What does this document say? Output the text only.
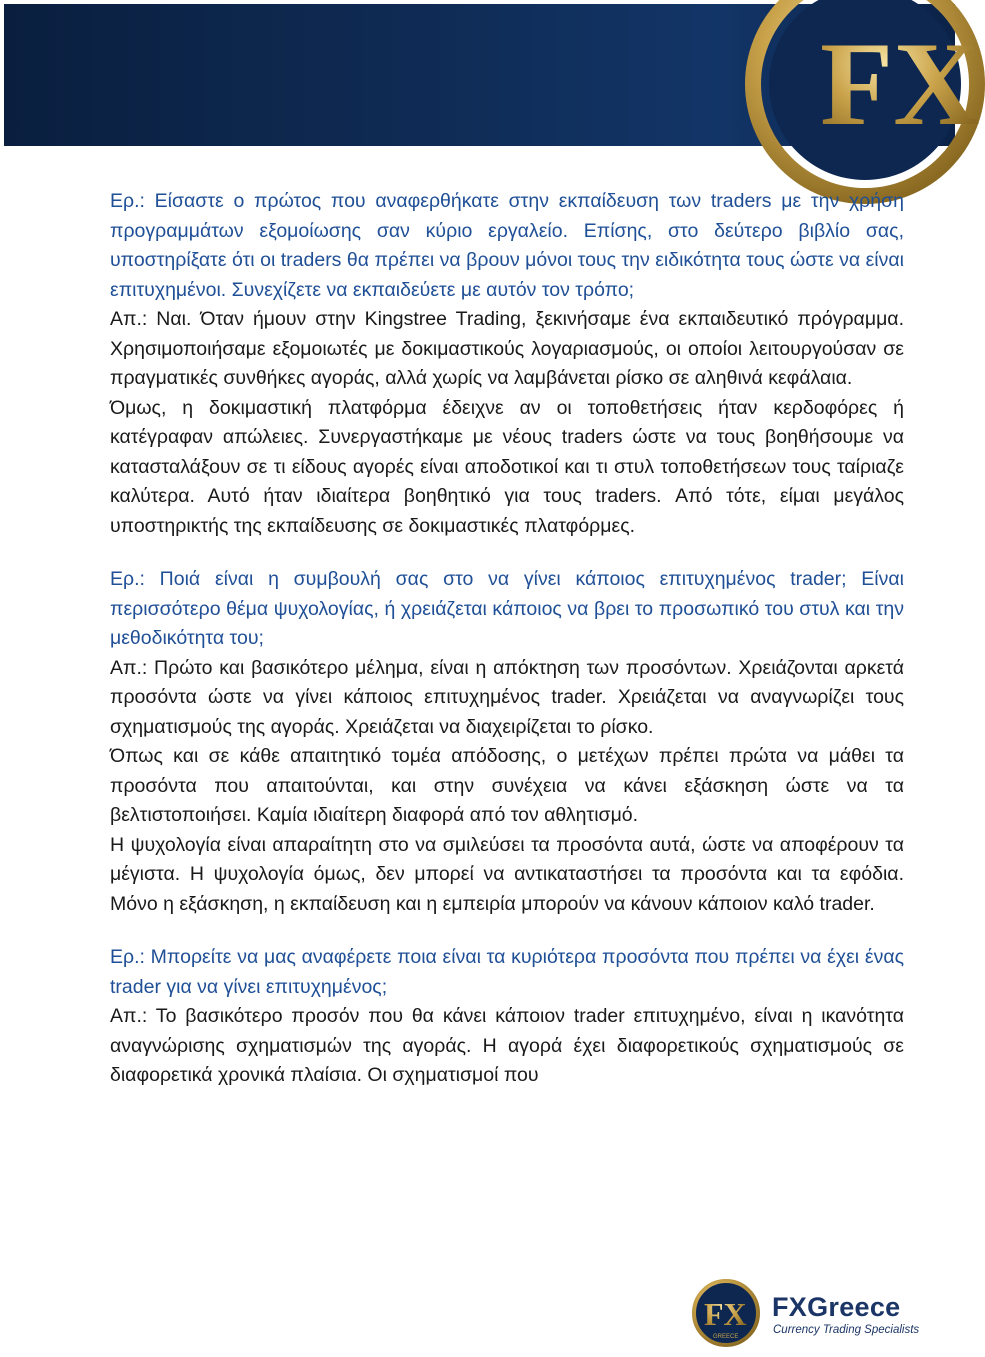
FX

Ερ.: Είσαστε ο πρώτος που αναφερθήκατε στην εκπαίδευση των traders με την χρήση προγραμμάτων εξομοίωσης σαν κύριο εργαλείο. Επίσης, στο δεύτερο βιβλίο σας, υποστηρίξατε ότι οι traders θα πρέπει να βρουν μόνοι τους την ειδικότητα τους ώστε να είναι επιτυχημένοι. Συνεχίζετε να εκπαιδεύετε με αυτόν τον τρόπο;

Απ.: Ναι. Όταν ήμουν στην Kingstree Trading, ξεκινήσαμε ένα εκπαιδευτικό πρόγραμμα. Χρησιμοποιήσαμε εξομοιωτές με δοκιμαστικούς λογαριασμούς, οι οποίοι λειτουργούσαν σε πραγματικές συνθήκες αγοράς, αλλά χωρίς να λαμβάνεται ρίσκο σε αληθινά κεφάλαια.

Όμως, η δοκιμαστική πλατφόρμα έδειχνε αν οι τοποθετήσεις ήταν κερδοφόρες ή κατέγραφαν απώλειες. Συνεργαστήκαμε με νέους traders ώστε να τους βοηθήσουμε να κατασταλάξουν σε τι είδους αγορές είναι αποδοτικοί και τι στυλ τοποθετήσεων τους ταίριαζε καλύτερα. Αυτό ήταν ιδιαίτερα βοηθητικό για τους traders. Από τότε, είμαι μεγάλος υποστηρικτής της εκπαίδευσης σε δοκιμαστικές πλατφόρμες.

Ερ.: Ποιά είναι η συμβουλή σας στο να γίνει κάποιος επιτυχημένος trader; Είναι περισσότερο θέμα ψυχολογίας, ή χρειάζεται κάποιος να βρει το προσωπικό του στυλ και την μεθοδικότητα του;

Απ.: Πρώτο και βασικότερο μέλημα, είναι η απόκτηση των προσόντων. Χρειάζονται αρκετά προσόντα ώστε να γίνει κάποιος επιτυχημένος trader. Χρειάζεται να αναγνωρίζει τους σχηματισμούς της αγοράς. Χρειάζεται να διαχειρίζεται το ρίσκο.

Όπως και σε κάθε απαιτητικό τομέα απόδοσης, ο μετέχων πρέπει πρώτα να μάθει τα προσόντα που απαιτούνται, και στην συνέχεια να κάνει εξάσκηση ώστε να τα βελτιστοποιήσει. Καμία ιδιαίτερη διαφορά από τον αθλητισμό.

Η ψυχολογία είναι απαραίτητη στο να σμιλεύσει τα προσόντα αυτά, ώστε να αποφέρουν τα μέγιστα. Η ψυχολογία όμως, δεν μπορεί να αντικαταστήσει τα προσόντα και τα εφόδια. Μόνο η εξάσκηση, η εκπαίδευση και η εμπειρία μπορούν να κάνουν κάποιον καλό trader.

Ερ.: Μπορείτε να μας αναφέρετε ποια είναι τα κυριότερα προσόντα που πρέπει να έχει ένας trader για να γίνει επιτυχημένος;

Απ.: Το βασικότερο προσόν που θα κάνει κάποιον trader επιτυχημένο, είναι η ικανότητα αναγνώρισης σχηματισμών της αγοράς. Η αγορά έχει διαφορετικούς σχηματισμούς σε διαφορετικά χρονικά πλαίσια. Οι σχηματισμοί που

FX
GREECE
FXGreece
Currency Trading Specialists
